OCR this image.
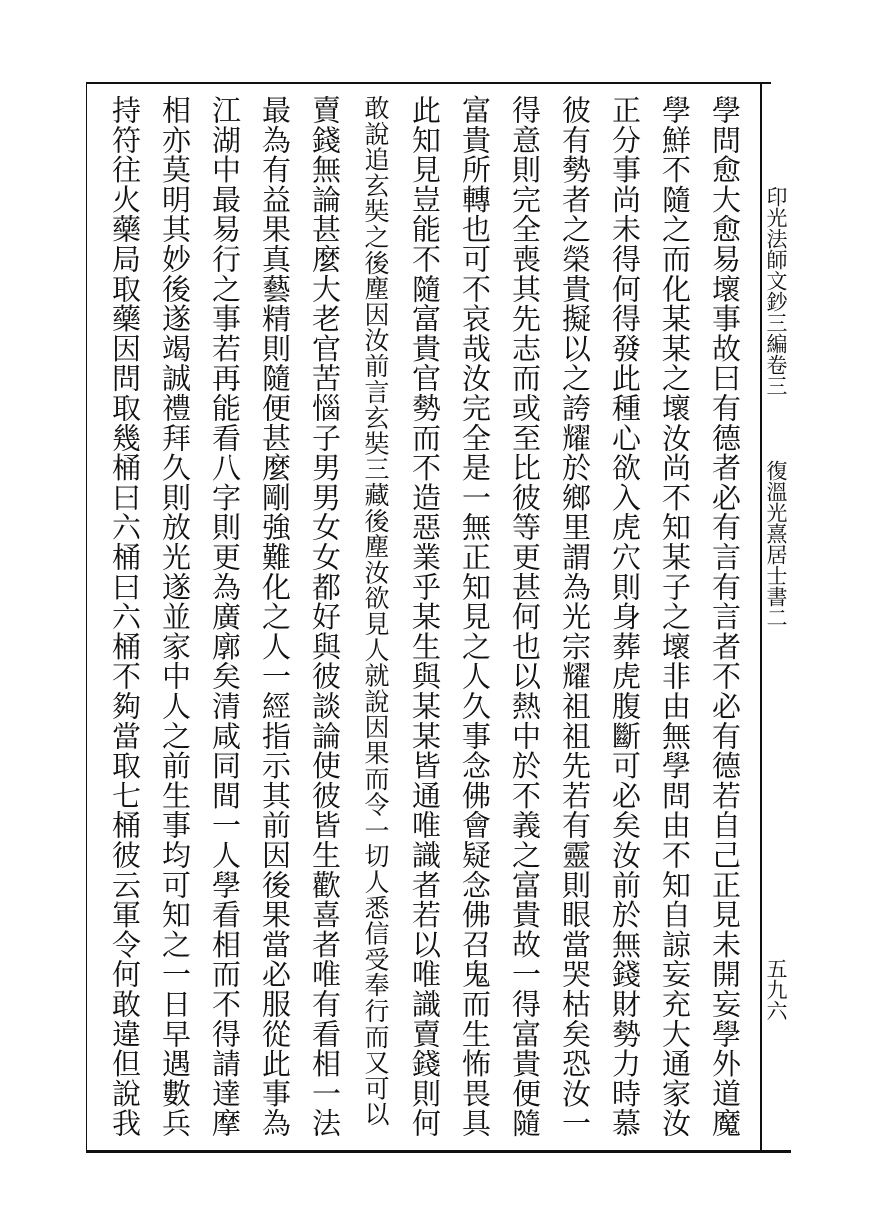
印光法師文鈔三編卷三
復溫光熹居士書二
五九六
學問愈大愈易壞事故曰有德者必有言有言者不必有德若自己正見未開妄學外道魔
學鮮不隨之而化某某之壞汝尚不知某子之壞非由無學問由不知自諒妄充大通家汝
正分事尚未得何得發此種心欲入虎穴則身葬虎腹斷可必矣汝前於無錢財勢力時慕
彼有勢者之榮貴擬以之誇耀於鄉里謂為光宗耀祖祖先若有靈則眼當哭枯矣恐汝一
得意則完全喪其先志而或至比彼等更甚何也以熱中於不義之富貴故一得富貴便隨
富貴所轉也可不哀哉汝完全是一無正知見之人久事念佛會疑念佛召鬼而生怖畏具
此知見豈能不隨富貴官勢而不造惡業乎某生與某某皆通唯識者若以唯識賣錢則何
敢說追玄奘之後塵因汝前言玄奘三藏後塵汝欲見人就說因果而令一切人悉信受奉行而又可以
賣錢無論甚麼大老官苦惱子男男女女都好與彼談論使彼皆生歡喜者唯有看相一法
最為有益果真藝精則隨便甚麼剛強難化之人一經指示其前因後果當必服從此事為
江湖中最易行之事若再能看八字則更為廣廓矣清咸同間一人學看相而不得請達摩
相亦莫明其妙後遂竭誠禮拜久則放光遂並家中人之前生事均可知之一日早遇數兵
持符往火藥局取藥因問取幾桶曰六桶曰六桶不夠當取七桶彼云軍令何敢違但說我
